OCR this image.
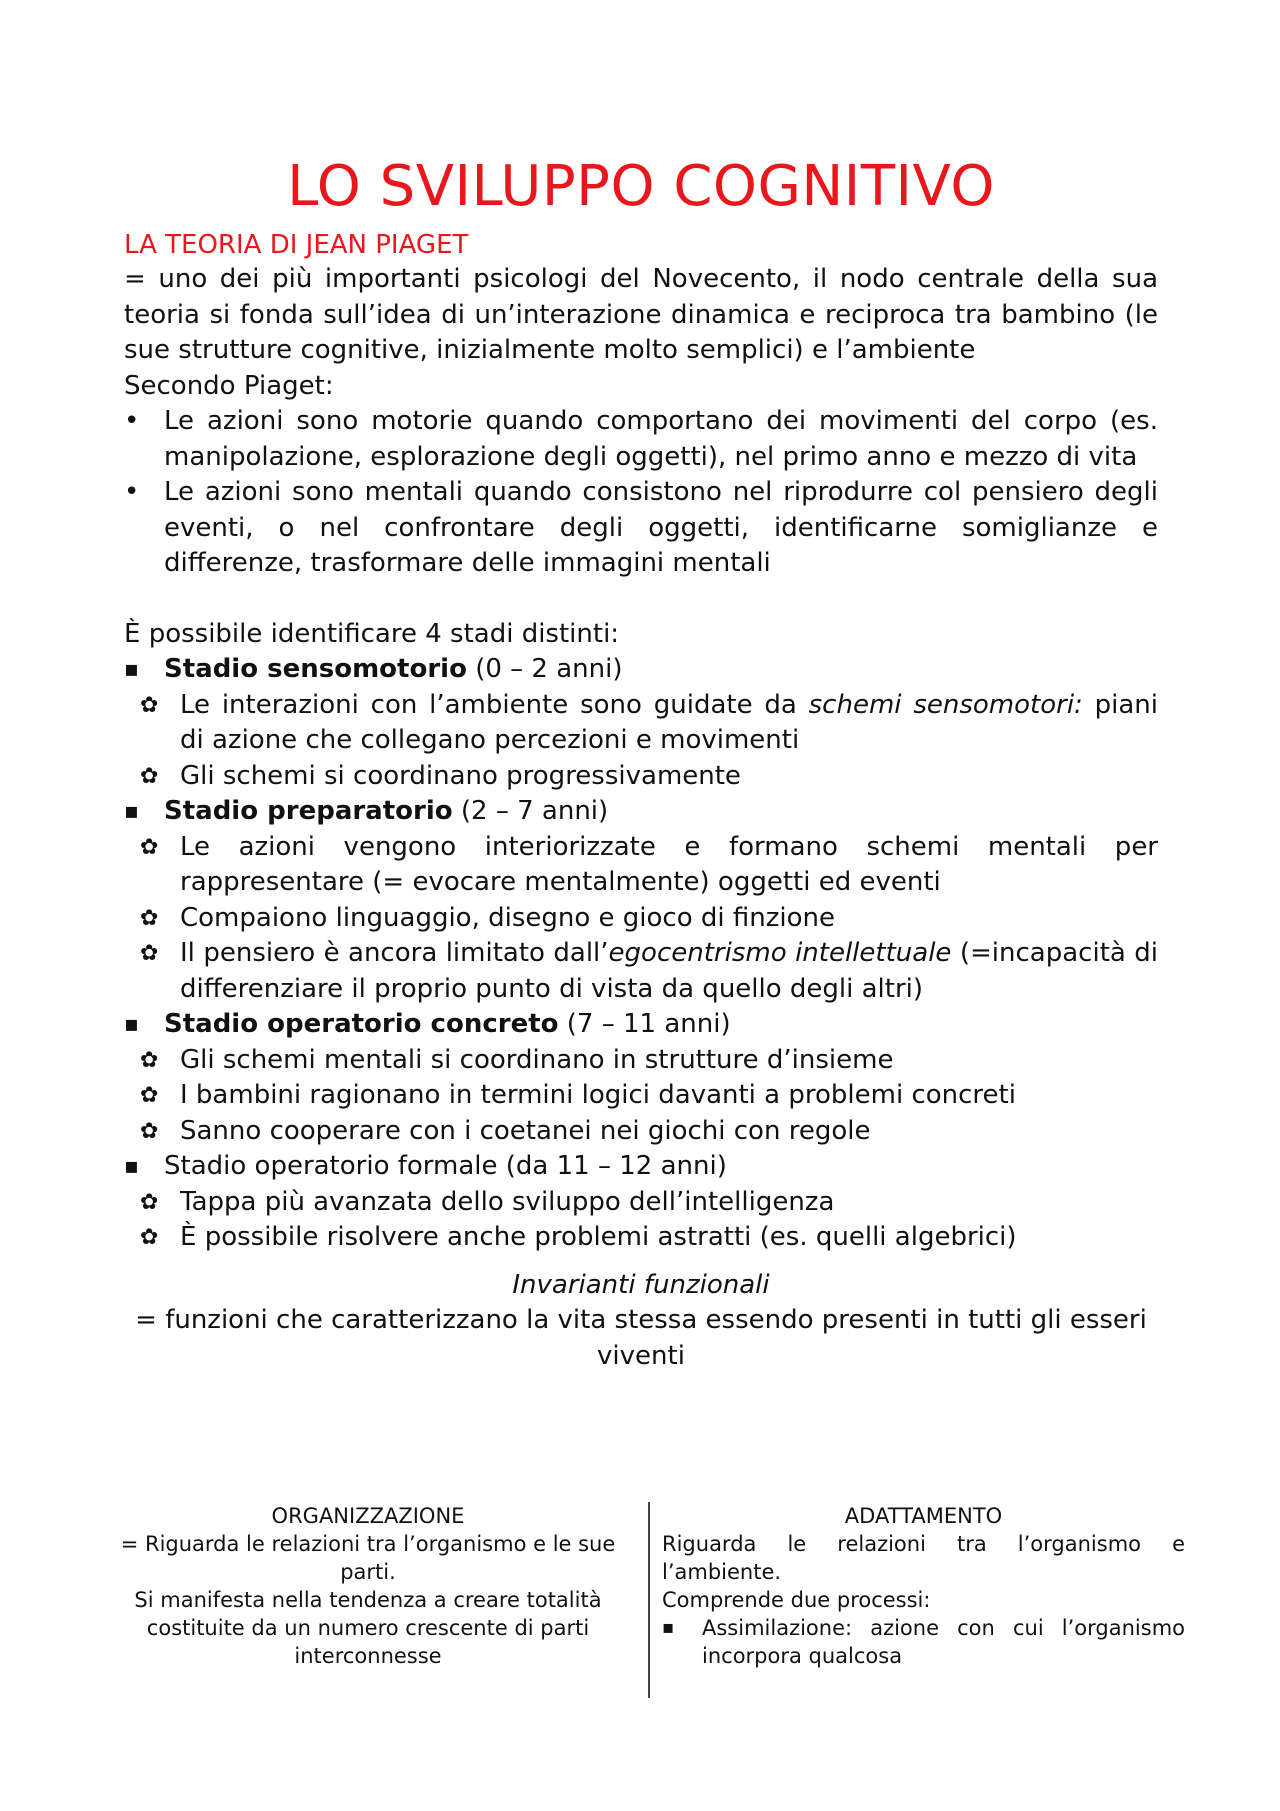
LO SVILUPPO COGNITIVO
LA TEORIA DI JEAN PIAGET
= uno dei più importanti psicologi del Novecento, il nodo centrale della sua teoria si fonda sull’idea di un’interazione dinamica e reciproca tra bambino (le sue strutture cognitive, inizialmente molto semplici) e l’ambiente
Secondo Piaget:
• Le azioni sono motorie quando comportano dei movimenti del corpo (es. manipolazione, esplorazione degli oggetti), nel primo anno e mezzo di vita
• Le azioni sono mentali quando consistono nel riprodurre col pensiero degli eventi, o nel confrontare degli oggetti, identificarne somiglianze e differenze, trasformare delle immagini mentali
È possibile identificare 4 stadi distinti:
▪ Stadio sensomotorio (0 – 2 anni)
✿ Le interazioni con l’ambiente sono guidate da schemi sensomotori: piani di azione che collegano percezioni e movimenti
✿ Gli schemi si coordinano progressivamente
▪ Stadio preparatorio (2 – 7 anni)
✿ Le azioni vengono interiorizzate e formano schemi mentali per rappresentare (= evocare mentalmente) oggetti ed eventi
✿ Compaiono linguaggio, disegno e gioco di finzione
✿ Il pensiero è ancora limitato dall’egocentrismo intellettuale (=incapacità di differenziare il proprio punto di vista da quello degli altri)
▪ Stadio operatorio concreto (7 – 11 anni)
✿ Gli schemi mentali si coordinano in strutture d’insieme
✿ I bambini ragionano in termini logici davanti a problemi concreti
✿ Sanno cooperare con i coetanei nei giochi con regole
▪ Stadio operatorio formale (da 11 – 12 anni)
✿ Tappa più avanzata dello sviluppo dell’intelligenza
✿ È possibile risolvere anche problemi astratti (es. quelli algebrici)
Invarianti funzionali
= funzioni che caratterizzano la vita stessa essendo presenti in tutti gli esseri viventi
ORGANIZZAZIONE
= Riguarda le relazioni tra l’organismo e le sue parti.
Si manifesta nella tendenza a creare totalità costituite da un numero crescente di parti interconnesse
ADATTAMENTO
Riguarda le relazioni tra l’organismo e l’ambiente.
Comprende due processi:
▪ Assimilazione: azione con cui l’organismo incorpora qualcosa
